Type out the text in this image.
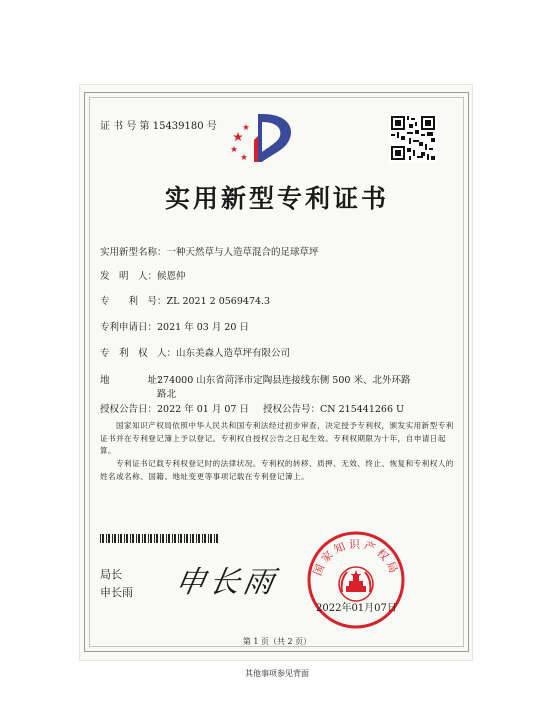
证 书 号 第 15439180 号
实用新型专利证书
实用新型名称：一种天然草与人造草混合的足球草坪
发　明　人：候恩仲
专　　利　号：ZL 2021 2 0569474.3
专利申请日：2021 年 03 月 20 日
专　利　权　人：山东美森人造草坪有限公司
地　　　　址：274000 山东省菏泽市定陶县连接线东侧 500 米、北外环路
路北
授权公告日：2022 年 01 月 07 日 授权公告号：CN 215441266 U
国家知识产权局依照中华人民共和国专利法经过初步审查，决定授予专利权，颁发实用新型专利证书并在专利登记簿上予以登记。专利权自授权公告之日起生效。专利权期限为十年，自申请日起算。
专利证书记载专利权登记时的法律状况。专利权的转移、质押、无效、终止、恢复和专利权人的姓名或名称、国籍、地址变更等事项记载在专利登记簿上。
局长
申长雨 申长雨	国家知识产权局
2022年01月07日
第 1 页（共 2 页）
其他事项参见背面
